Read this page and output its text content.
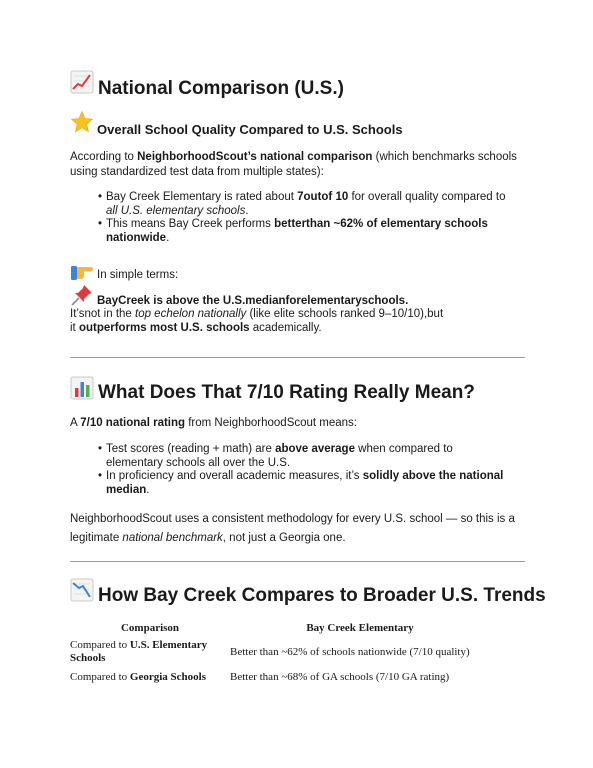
National Comparison (U.S.)
Overall School Quality Compared to U.S. Schools
According to NeighborhoodScout’s national comparison (which benchmarks schools using standardized test data from multiple states):
• Bay Creek Elementary is rated about 7outof 10 for overall quality compared to all U.S. elementary schools.
• This means Bay Creek performs betterthan ~62% of elementary schools nationwide.
In simple terms:
BayCreek is above the U.S.medianforelementaryschools.
It’snot in the top echelon nationally (like elite schools ranked 9–10/10),but
it outperforms most U.S. schools academically.
What Does That 7/10 Rating Really Mean?
A 7/10 national rating from NeighborhoodScout means:
• Test scores (reading + math) are above average when compared to elementary schools all over the U.S.
• In proficiency and overall academic measures, it’s solidly above the national median.
NeighborhoodScout uses a consistent methodology for every U.S. school — so this is a legitimate national benchmark, not just a Georgia one.
How Bay Creek Compares to Broader U.S. Trends
Comparison	Bay Creek Elementary
Compared to U.S. Elementary Schools	Better than ~62% of schools nationwide (7/10 quality)
Compared to Georgia Schools	Better than ~68% of GA schools (7/10 GA rating)
